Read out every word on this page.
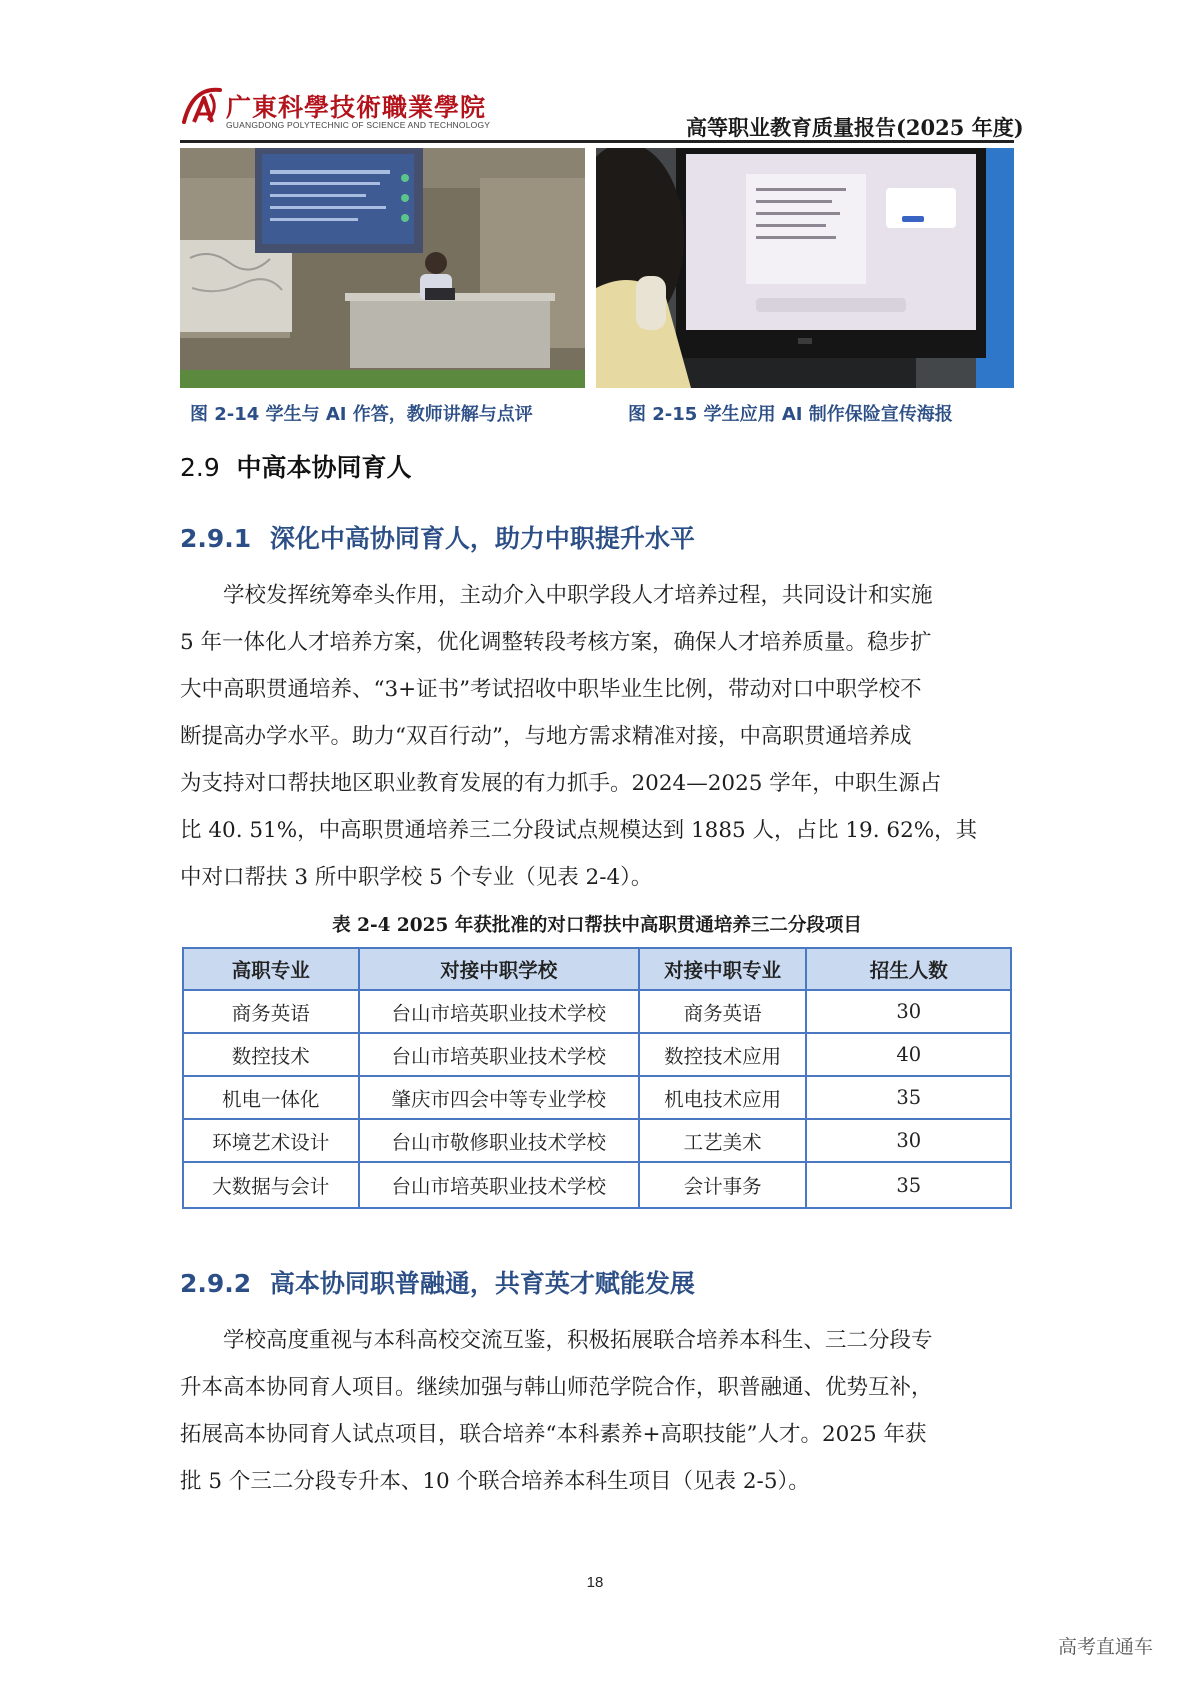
广東科學技術職業學院
GUANGDONG POLYTECHNIC OF SCIENCE AND TECHNOLOGY	高等职业教育质量报告(2025 年度)
图 2-14 学生与 AI 作答，教师讲解与点评	图 2-15 学生应用 AI 制作保险宣传海报
2.9 中高本协同育人
2.9.1 深化中高协同育人，助力中职提升水平
　　学校发挥统筹牵头作用，主动介入中职学段人才培养过程，共同设计和实施
5 年一体化人才培养方案，优化调整转段考核方案，确保人才培养质量。稳步扩
大中高职贯通培养、“3+证书”考试招收中职毕业生比例，带动对口中职学校不
断提高办学水平。助力“双百行动”，与地方需求精准对接，中高职贯通培养成
为支持对口帮扶地区职业教育发展的有力抓手。2024—2025 学年，中职生源占
比 40. 51%，中高职贯通培养三二分段试点规模达到 1885 人，占比 19. 62%，其
中对口帮扶 3 所中职学校 5 个专业（见表 2-4）。
表 2-4 2025 年获批准的对口帮扶中高职贯通培养三二分段项目
高职专业	对接中职学校	对接中职专业	招生人数
商务英语	台山市培英职业技术学校	商务英语	30
数控技术	台山市培英职业技术学校	数控技术应用	40
机电一体化	肇庆市四会中等专业学校	机电技术应用	35
环境艺术设计	台山市敬修职业技术学校	工艺美术	30
大数据与会计	台山市培英职业技术学校	会计事务	35
2.9.2 高本协同职普融通，共育英才赋能发展
　　学校高度重视与本科高校交流互鉴，积极拓展联合培养本科生、三二分段专
升本高本协同育人项目。继续加强与韩山师范学院合作，职普融通、优势互补，
拓展高本协同育人试点项目，联合培养“本科素养+高职技能”人才。2025 年获
批 5 个三二分段专升本、10 个联合培养本科生项目（见表 2-5）。
18
高考直通车
